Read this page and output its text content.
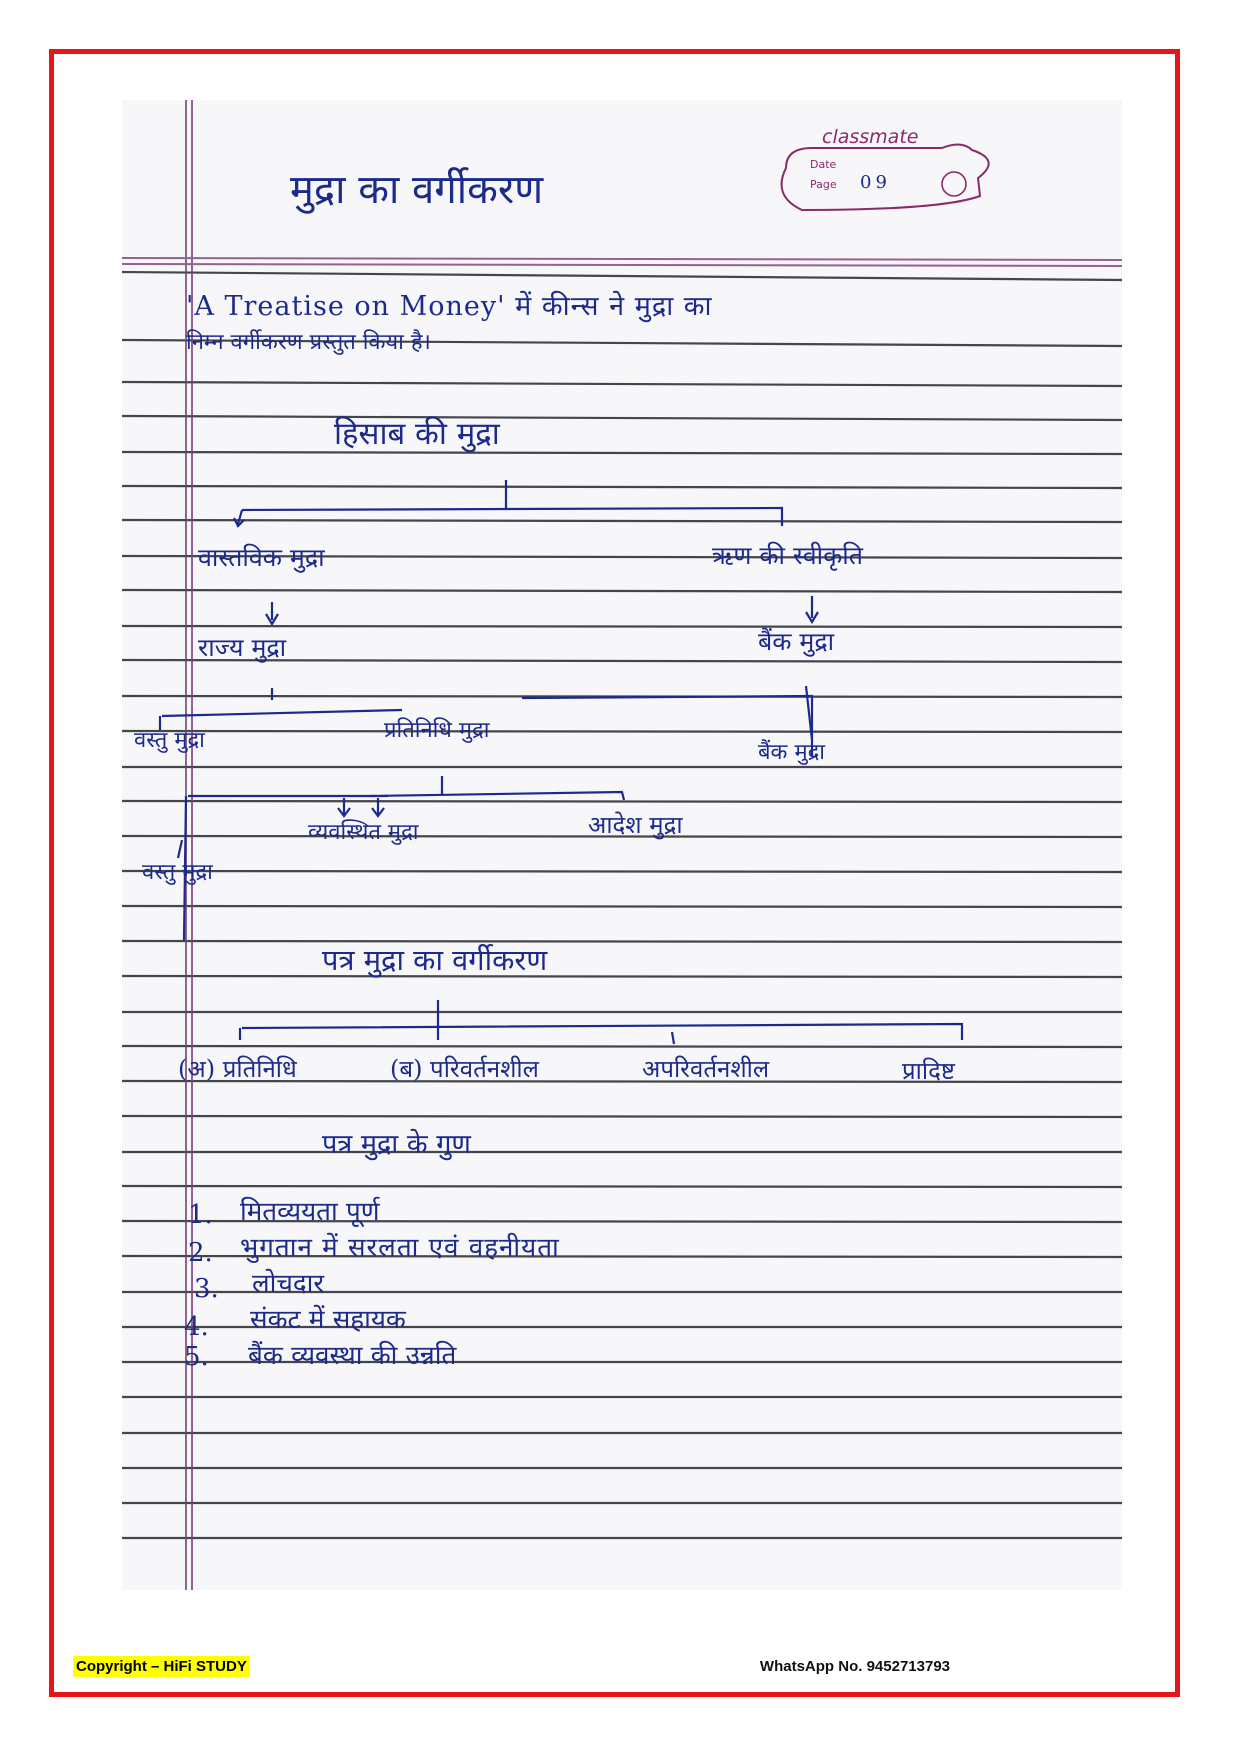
मुद्रा का वर्गीकरण
classmate
Date
Page 09
'A Treatise on Money' में कीन्स ने मुद्रा का
निम्न वर्गीकरण प्रस्तुत किया है।
हिसाब की मुद्रा
वास्तविक मुद्रा	ऋण की स्वीकृति
राज्य मुद्रा	बैंक मुद्रा
वस्तु मुद्रा	प्रतिनिधि मुद्रा
बैंक मुद्रा
व्यवस्थित मुद्रा	आदेश मुद्रा
वस्तु मुद्रा
पत्र मुद्रा का वर्गीकरण
(अ) प्रतिनिधि	(ब) परिवर्तनशील	अपरिवर्तनशील	प्रादिष्ट
पत्र मुद्रा के गुण
1. मितव्ययता पूर्ण
2. भुगतान में सरलता एवं वहनीयता
3. लोचदार
4. संकट में सहायक
5. बैंक व्यवस्था की उन्नति
Copyright – HiFi STUDY	WhatsApp No. 9452713793
